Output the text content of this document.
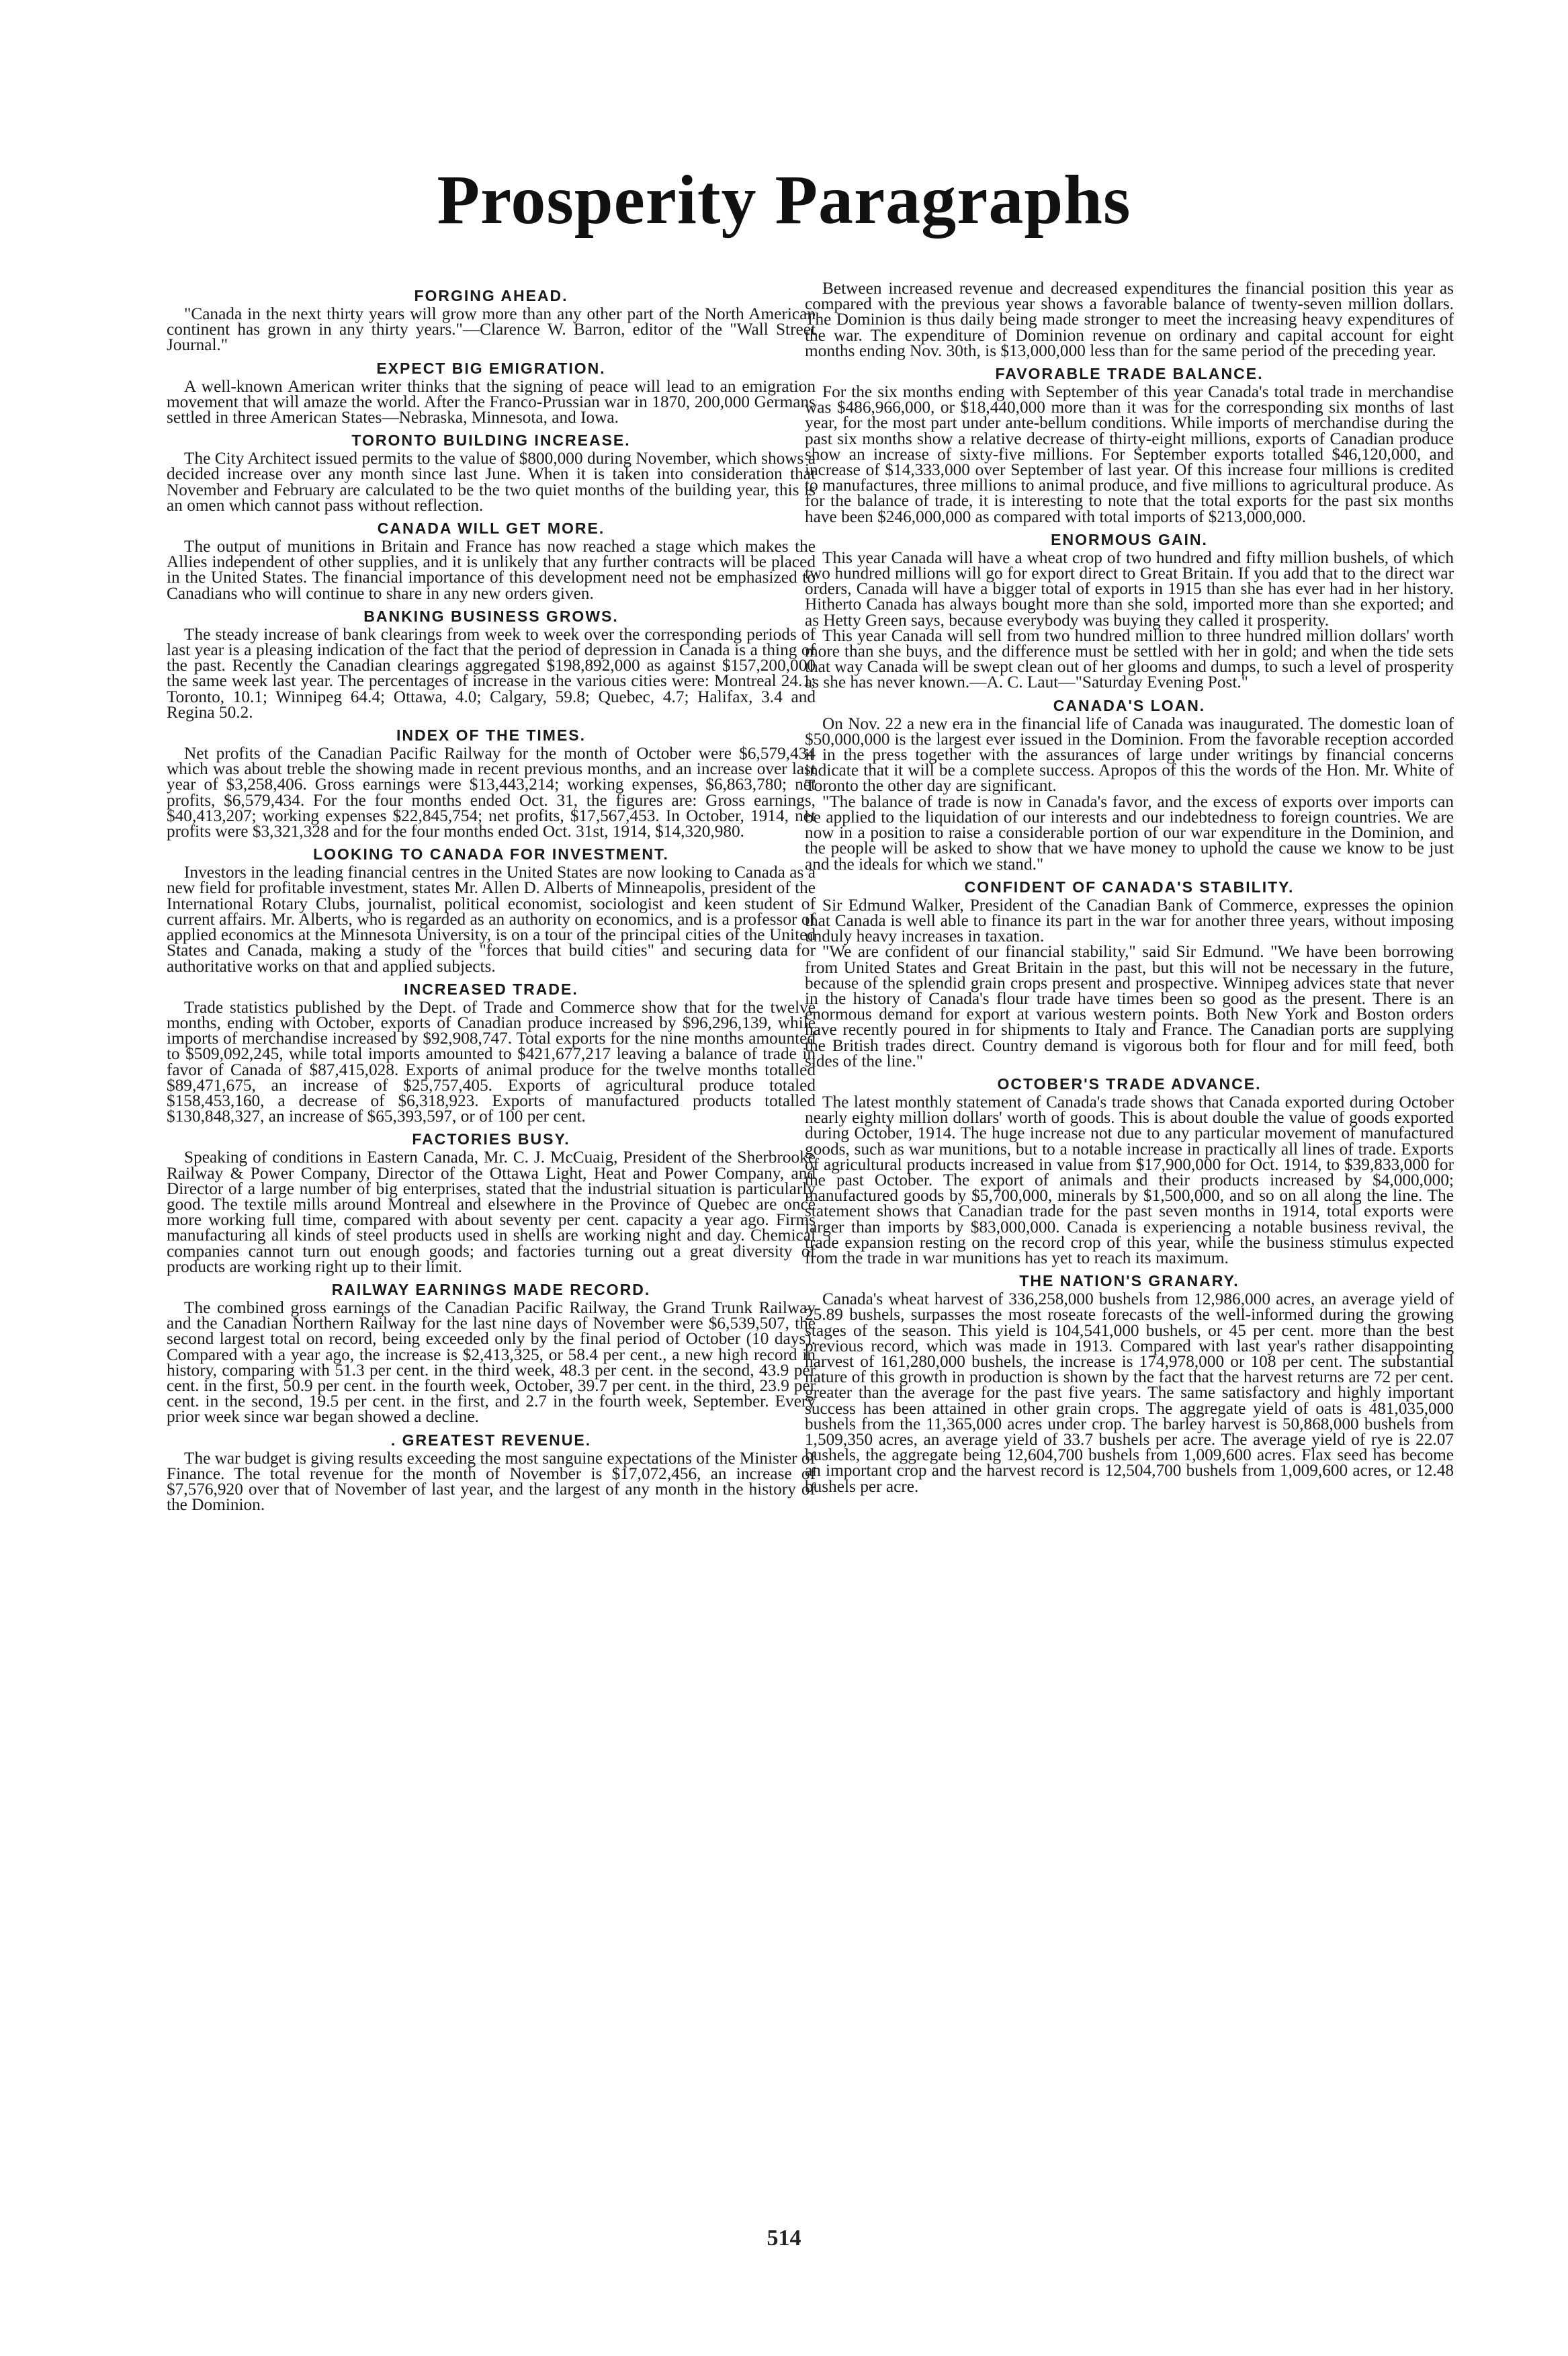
Prosperity Paragraphs
FORGING AHEAD.

"Canada in the next thirty years will grow more than any other part of the North American continent has grown in any thirty years."—Clarence W. Barron, editor of the "Wall Street Journal."

EXPECT BIG EMIGRATION.

A well-known American writer thinks that the signing of peace will lead to an emigration movement that will amaze the world. After the Franco-Prussian war in 1870, 200,000 Germans settled in three American States—Nebraska, Minnesota, and Iowa.

TORONTO BUILDING INCREASE.

The City Architect issued permits to the value of $800,000 during November, which shows a decided increase over any month since last June. When it is taken into consideration that November and February are calculated to be the two quiet months of the building year, this is an omen which cannot pass without reflection.

CANADA WILL GET MORE.

The output of munitions in Britain and France has now reached a stage which makes the Allies independent of other supplies, and it is unlikely that any further contracts will be placed in the United States. The financial importance of this development need not be emphasized to Canadians who will continue to share in any new orders given.

BANKING BUSINESS GROWS.

The steady increase of bank clearings from week to week over the corresponding periods of last year is a pleasing indication of the fact that the period of depression in Canada is a thing of the past. Recently the Canadian clearings aggregated $198,892,000 as against $157,200,000 the same week last year. The percentages of increase in the various cities were: Montreal 24.1; Toronto, 10.1; Winnipeg 64.4; Ottawa, 4.0; Calgary, 59.8; Quebec, 4.7; Halifax, 3.4 and Regina 50.2.

INDEX OF THE TIMES.

Net profits of the Canadian Pacific Railway for the month of October were $6,579,434 which was about treble the showing made in recent previous months, and an increase over last year of $3,258,406. Gross earnings were $13,443,214; working expenses, $6,863,780; net profits, $6,579,434. For the four months ended Oct. 31, the figures are: Gross earnings, $40,413,207; working expenses $22,845,754; net profits, $17,567,453. In October, 1914, net profits were $3,321,328 and for the four months ended Oct. 31st, 1914, $14,320,980.

LOOKING TO CANADA FOR INVESTMENT.

Investors in the leading financial centres in the United States are now looking to Canada as a new field for profitable investment, states Mr. Allen D. Alberts of Minneapolis, president of the International Rotary Clubs, journalist, political economist, sociologist and keen student of current affairs. Mr. Alberts, who is regarded as an authority on economics, and is a professor of applied economics at the Minnesota University, is on a tour of the principal cities of the United States and Canada, making a study of the "forces that build cities" and securing data for authoritative works on that and applied subjects.

INCREASED TRADE.

Trade statistics published by the Dept. of Trade and Commerce show that for the twelve months, ending with October, exports of Canadian produce increased by $96,296,139, while imports of merchandise increased by $92,908,747. Total exports for the nine months amounted to $509,092,245, while total imports amounted to $421,677,217 leaving a balance of trade in favor of Canada of $87,415,028. Exports of animal produce for the twelve months totalled $89,471,675, an increase of $25,757,405. Exports of agricultural produce totaled $158,453,160, a decrease of $6,318,923. Exports of manufactured products totalled $130,848,327, an increase of $65,393,597, or of 100 per cent.

FACTORIES BUSY.

Speaking of conditions in Eastern Canada, Mr. C. J. McCuaig, President of the Sherbrooke Railway & Power Company, Director of the Ottawa Light, Heat and Power Company, and Director of a large number of big enterprises, stated that the industrial situation is particularly good. The textile mills around Montreal and elsewhere in the Province of Quebec are once more working full time, compared with about seventy per cent. capacity a year ago. Firms manufacturing all kinds of steel products used in shells are working night and day. Chemical companies cannot turn out enough goods; and factories turning out a great diversity of products are working right up to their limit.

RAILWAY EARNINGS MADE RECORD.

The combined gross earnings of the Canadian Pacific Railway, the Grand Trunk Railway and the Canadian Northern Railway for the last nine days of November were $6,539,507, the second largest total on record, being exceeded only by the final period of October (10 days). Compared with a year ago, the increase is $2,413,325, or 58.4 per cent., a new high record in history, comparing with 51.3 per cent. in the third week, 48.3 per cent. in the second, 43.9 per cent. in the first, 50.9 per cent. in the fourth week, October, 39.7 per cent. in the third, 23.9 per cent. in the second, 19.5 per cent. in the first, and 2.7 in the fourth week, September. Every prior week since war began showed a decline.

. GREATEST REVENUE.

The war budget is giving results exceeding the most sanguine expectations of the Minister of Finance. The total revenue for the month of November is $17,072,456, an increase of $7,576,920 over that of November of last year, and the largest of any month in the history of the Dominion.

Between increased revenue and decreased expenditures the financial position this year as compared with the previous year shows a favorable balance of twenty-seven million dollars. The Dominion is thus daily being made stronger to meet the increasing heavy expenditures of the war. The expenditure of Dominion revenue on ordinary and capital account for eight months ending Nov. 30th, is $13,000,000 less than for the same period of the preceding year.

FAVORABLE TRADE BALANCE.

For the six months ending with September of this year Canada's total trade in merchandise was $486,966,000, or $18,440,000 more than it was for the corresponding six months of last year, for the most part under ante-bellum conditions. While imports of merchandise during the past six months show a relative decrease of thirty-eight millions, exports of Canadian produce show an increase of sixty-five millions. For September exports totalled $46,120,000, and increase of $14,333,000 over September of last year. Of this increase four millions is credited to manufactures, three millions to animal produce, and five millions to agricultural produce. As for the balance of trade, it is interesting to note that the total exports for the past six months have been $246,000,000 as compared with total imports of $213,000,000.

ENORMOUS GAIN.

This year Canada will have a wheat crop of two hundred and fifty million bushels, of which two hundred millions will go for export direct to Great Britain. If you add that to the direct war orders, Canada will have a bigger total of exports in 1915 than she has ever had in her history. Hitherto Canada has always bought more than she sold, imported more than she exported; and as Hetty Green says, because everybody was buying they called it prosperity.

This year Canada will sell from two hundred million to three hundred million dollars' worth more than she buys, and the difference must be settled with her in gold; and when the tide sets that way Canada will be swept clean out of her glooms and dumps, to such a level of prosperity as she has never known.—A. C. Laut—"Saturday Evening Post."

CANADA'S LOAN.

On Nov. 22 a new era in the financial life of Canada was inaugurated. The domestic loan of $50,000,000 is the largest ever issued in the Dominion. From the favorable reception accorded it in the press together with the assurances of large under writings by financial concerns indicate that it will be a complete success. Apropos of this the words of the Hon. Mr. White of Toronto the other day are significant.

"The balance of trade is now in Canada's favor, and the excess of exports over imports can be applied to the liquidation of our interests and our indebtedness to foreign countries. We are now in a position to raise a considerable portion of our war expenditure in the Dominion, and the people will be asked to show that we have money to uphold the cause we know to be just and the ideals for which we stand."

CONFIDENT OF CANADA'S STABILITY.

Sir Edmund Walker, President of the Canadian Bank of Commerce, expresses the opinion that Canada is well able to finance its part in the war for another three years, without imposing unduly heavy increases in taxation.

"We are confident of our financial stability," said Sir Edmund. "We have been borrowing from United States and Great Britain in the past, but this will not be necessary in the future, because of the splendid grain crops present and prospective. Winnipeg advices state that never in the history of Canada's flour trade have times been so good as the present. There is an enormous demand for export at various western points. Both New York and Boston orders have recently poured in for shipments to Italy and France. The Canadian ports are supplying the British trades direct. Country demand is vigorous both for flour and for mill feed, both sides of the line."

OCTOBER'S TRADE ADVANCE.

The latest monthly statement of Canada's trade shows that Canada exported during October nearly eighty million dollars' worth of goods. This is about double the value of goods exported during October, 1914. The huge increase not due to any particular movement of manufactured goods, such as war munitions, but to a notable increase in practically all lines of trade. Exports of agricultural products increased in value from $17,900,000 for Oct. 1914, to $39,833,000 for the past October. The export of animals and their products increased by $4,000,000; manufactured goods by $5,700,000, minerals by $1,500,000, and so on all along the line. The statement shows that Canadian trade for the past seven months in 1914, total exports were larger than imports by $83,000,000. Canada is experiencing a notable business revival, the trade expansion resting on the record crop of this year, while the business stimulus expected from the trade in war munitions has yet to reach its maximum.

THE NATION'S GRANARY.

Canada's wheat harvest of 336,258,000 bushels from 12,986,000 acres, an average yield of 25.89 bushels, surpasses the most roseate forecasts of the well-informed during the growing stages of the season. This yield is 104,541,000 bushels, or 45 per cent. more than the best previous record, which was made in 1913. Compared with last year's rather disappointing harvest of 161,280,000 bushels, the increase is 174,978,000 or 108 per cent. The substantial nature of this growth in production is shown by the fact that the harvest returns are 72 per cent. greater than the average for the past five years. The same satisfactory and highly important success has been attained in other grain crops. The aggregate yield of oats is 481,035,000 bushels from the 11,365,000 acres under crop. The barley harvest is 50,868,000 bushels from 1,509,350 acres, an average yield of 33.7 bushels per acre. The average yield of rye is 22.07 bushels, the aggregate being 12,604,700 bushels from 1,009,600 acres. Flax seed has become an important crop and the harvest record is 12,504,700 bushels from 1,009,600 acres, or 12.48 bushels per acre.

514
